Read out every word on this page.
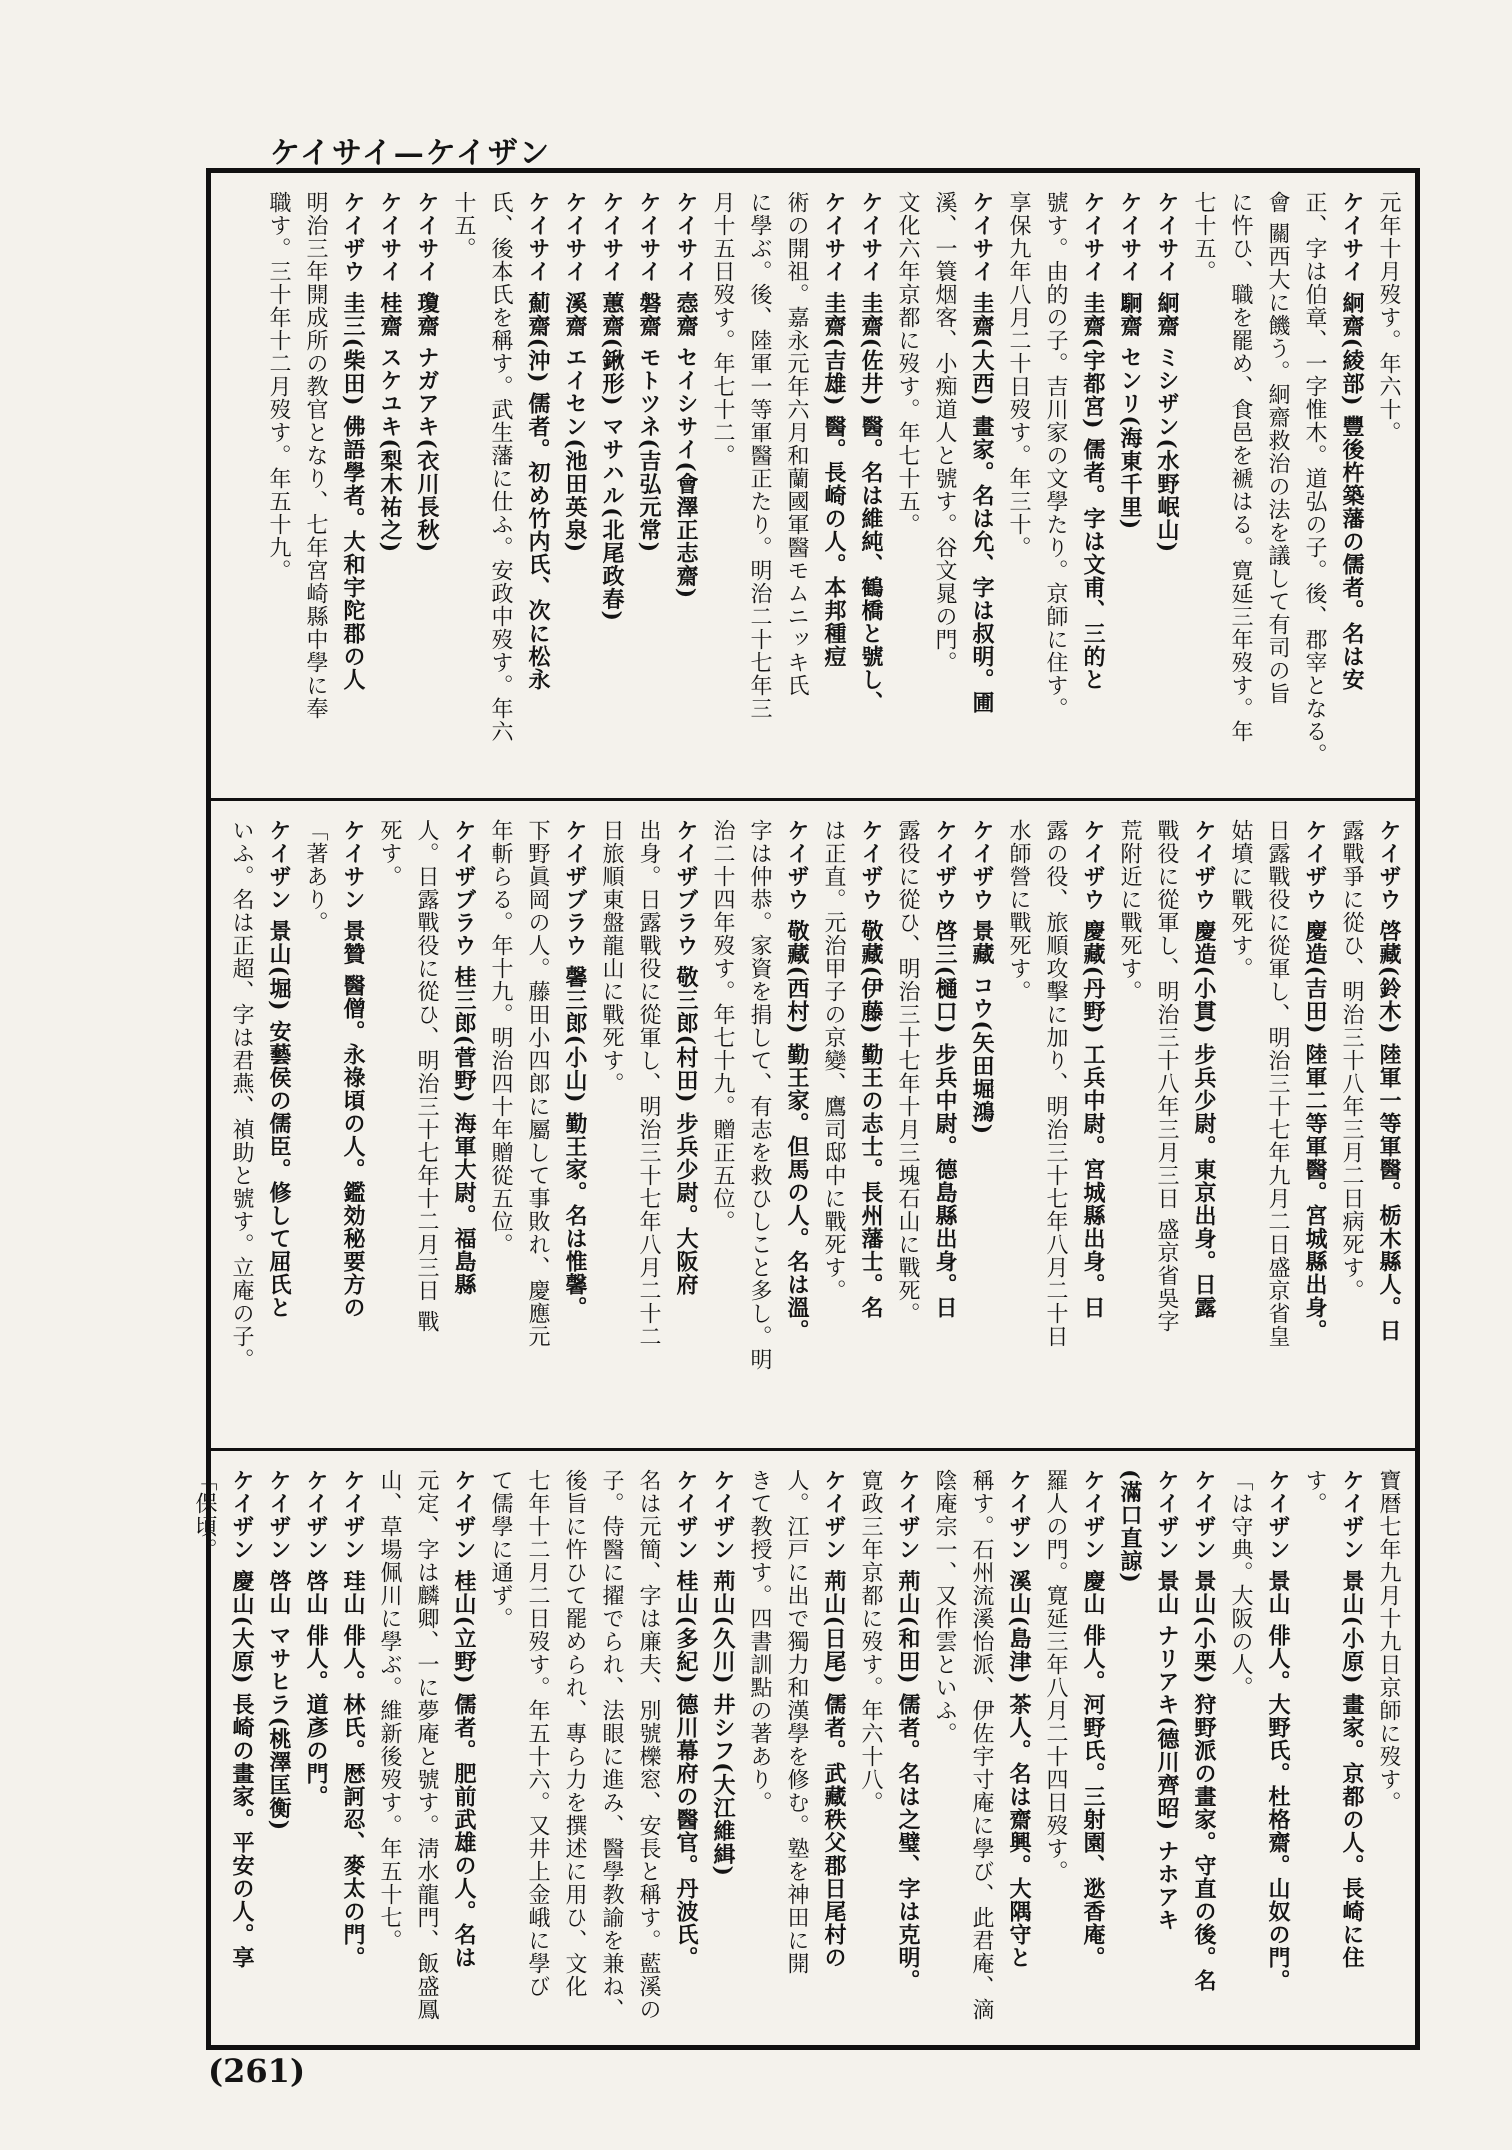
ケイサイ—ケイザン
元年十月歿す。年六十。
ケイサイ 絅齋(綾部) 豐後杵築藩の儒者。名は安
正、字は伯章、一字惟木。道弘の子。後、郡宰となる。
會 關西大に饑う。絅齋救治の法を議して有司の旨
に忤ひ、職を罷め、食邑を褫はる。寛延三年歿す。年
七十五。
ケイサイ 絅齋 ミシザン(水野岷山)
ケイサイ 駉齋 センリ(海東千里)
ケイサイ 圭齋(宇都宮) 儒者。字は文甫、三的と
號す。由的の子。吉川家の文學たり。京師に住す。
享保九年八月二十日歿す。年三十。
ケイサイ 圭齋(大西) 畫家。名は允、字は叔明。圃
溪、一簑烟客、小痴道人と號す。谷文晁の門。
文化六年京都に歿す。年七十五。
ケイサイ 圭齋(佐井) 醫。名は維純、鶴橋と號し、
ケイサイ 圭齋(吉雄) 醫。長崎の人。本邦種痘
術の開祖。嘉永元年六月和蘭國軍醫モムニッキ氏
に學ぶ。後、陸軍一等軍醫正たり。明治二十七年三
月十五日歿す。年七十二。
ケイサイ 悫齋 セイシサイ(會澤正志齋)
ケイサイ 磐齋 モトツネ(吉弘元常)
ケイサイ 蕙齋(鍬形) マサハル(北尾政春)
ケイサイ 溪齋 エイセン(池田英泉)
ケイサイ 薊齋(沖) 儒者。初め竹内氏、次に松永
氏、後本氏を稱す。武生藩に仕ふ。安政中歿す。年六
十五。
ケイサイ 瓊齋 ナガアキ(衣川長秋)
ケイサイ 桂齋 スケユキ(梨木祐之)
ケイザウ 圭三(柴田) 佛語學者。大和宇陀郡の人
明治三年開成所の教官となり、七年宮崎縣中學に奉
職す。三十年十二月歿す。年五十九。
ケイザウ 啓藏(鈴木) 陸軍一等軍醫。栃木縣人。日
露戰爭に從ひ、明治三十八年三月二日病死す。
ケイザウ 慶造(吉田) 陸軍二等軍醫。宮城縣出身。
日露戰役に從軍し、明治三十七年九月二日盛京省皇
姑墳に戰死す。
ケイザウ 慶造(小貫) 步兵少尉。東京出身。日露
戰役に從軍し、明治三十八年三月三日 盛京省吳字
荒附近に戰死す。
ケイザウ 慶藏(丹野) 工兵中尉。宮城縣出身。日
露の役、旅順攻擊に加り、明治三十七年八月二十日
水師營に戰死す。
ケイザウ 景藏 コウ(矢田堀鴻)
ケイザウ 啓三(樋口) 步兵中尉。德島縣出身。日
露役に從ひ、明治三十七年十月三塊石山に戰死。
ケイザウ 敬藏(伊藤) 勤王の志士。長州藩士。名
は正直。元治甲子の京變、鷹司邸中に戰死す。
ケイザウ 敬藏(西村) 勤王家。但馬の人。名は溫。
字は仲恭。家資を捐して、有志を救ひしこと多し。明
治二十四年歿す。年七十九。贈正五位。
ケイザブラウ 敬三郎(村田) 步兵少尉。大阪府
出身。日露戰役に從軍し、明治三十七年八月二十二
日旅順東盤龍山に戰死す。
ケイザブラウ 馨三郎(小山) 勤王家。名は惟馨。
下野眞岡の人。藤田小四郎に屬して事敗れ、慶應元
年斬らる。年十九。明治四十年贈從五位。
ケイザブラウ 桂三郎(菅野) 海軍大尉。福島縣
人。日露戰役に從ひ、明治三十七年十二月三日 戰
死す。
ケイサン 景贊 醫僧。永祿頃の人。鑑効秘要方の
「著あり。
ケイザン 景山(堀) 安藝侯の儒臣。修して屈氏と
いふ。名は正超、字は君燕、禎助と號す。立庵の子。
寶暦七年九月十九日京師に歿す。
ケイザン 景山(小原) 畫家。京都の人。長崎に住
す。
ケイザン 景山 俳人。大野氏。杜格齋。山奴の門。
「は守典。大阪の人。
ケイザン 景山(小栗) 狩野派の畫家。守直の後。名
ケイザン 景山 ナリアキ(德川齊昭) ナホアキ
(滿口直諒)
ケイザン 慶山 俳人。河野氏。三射園、逖香庵。
羅人の門。寛延三年八月二十四日歿す。
ケイザン 溪山(島津) 茶人。名は齋興。大隅守と
稱す。石州流溪怡派、伊佐宇寸庵に學び、此君庵、滴
陰庵宗一、又作雲といふ。
ケイザン 荊山(和田) 儒者。名は之璧、字は克明。
寛政三年京都に歿す。年六十八。
ケイザン 荊山(日尾) 儒者。武藏秩父郡日尾村の
人。江戸に出で獨力和漢學を修む。塾を神田に開
きて教授す。四書訓點の著あり。
ケイザン 荊山(久川) 井シフ(大江維緝)
ケイザン 桂山(多紀) 德川幕府の醫官。丹波氏。
名は元簡、字は廉夫、別號櫟窓、安長と稱す。藍溪の
子。侍醫に擢でられ、法眼に進み、醫學教諭を兼ね、
後旨に忤ひて罷められ、專ら力を撰述に用ひ、文化
七年十二月二日歿す。年五十六。又井上金峨に學び
て儒學に通ず。
ケイザン 桂山(立野) 儒者。肥前武雄の人。名は
元定、字は麟卿、一に夢庵と號す。淸水龍門、飯盛鳳
山、草場佩川に學ぶ。維新後歿す。年五十七。
ケイザン 珪山 俳人。林氏。厯訶忍、麥太の門。
ケイザン 啓山 俳人。道彥の門。
ケイザン 啓山 マサヒラ(桃澤匡衡)
ケイザン 慶山(大原) 長崎の畫家。平安の人。享
「保頃。
(261)
